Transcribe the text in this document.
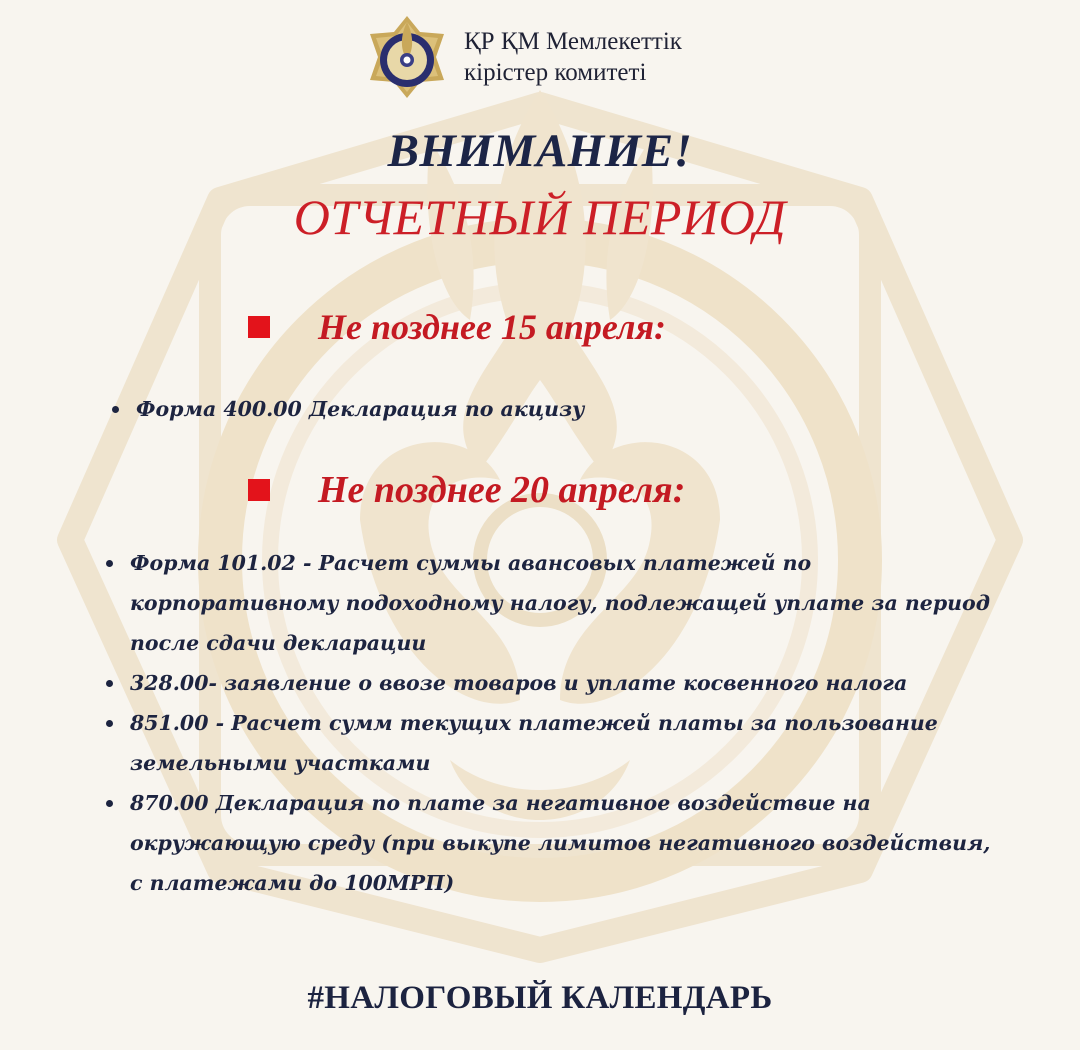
ҚР ҚМ Мемлекеттік
кірістер комитеті
ВНИМАНИЕ!
ОТЧЕТНЫЙ ПЕРИОД
Не позднее 15 апреля:
Форма 400.00 Декларация по акцизу
Не позднее 20 апреля:
Форма 101.02 - Расчет суммы авансовых платежей по корпоративному подоходному налогу, подлежащей уплате за период после сдачи декларации
328.00- заявление о ввозе товаров и уплате косвенного налога
851.00 - Расчет сумм текущих платежей платы за пользование земельными участками
870.00 Декларация по плате за негативное воздействие на окружающую среду (при выкупе лимитов негативного воздействия, с платежами до 100МРП)
#НАЛОГОВЫЙ КАЛЕНДАРЬ
